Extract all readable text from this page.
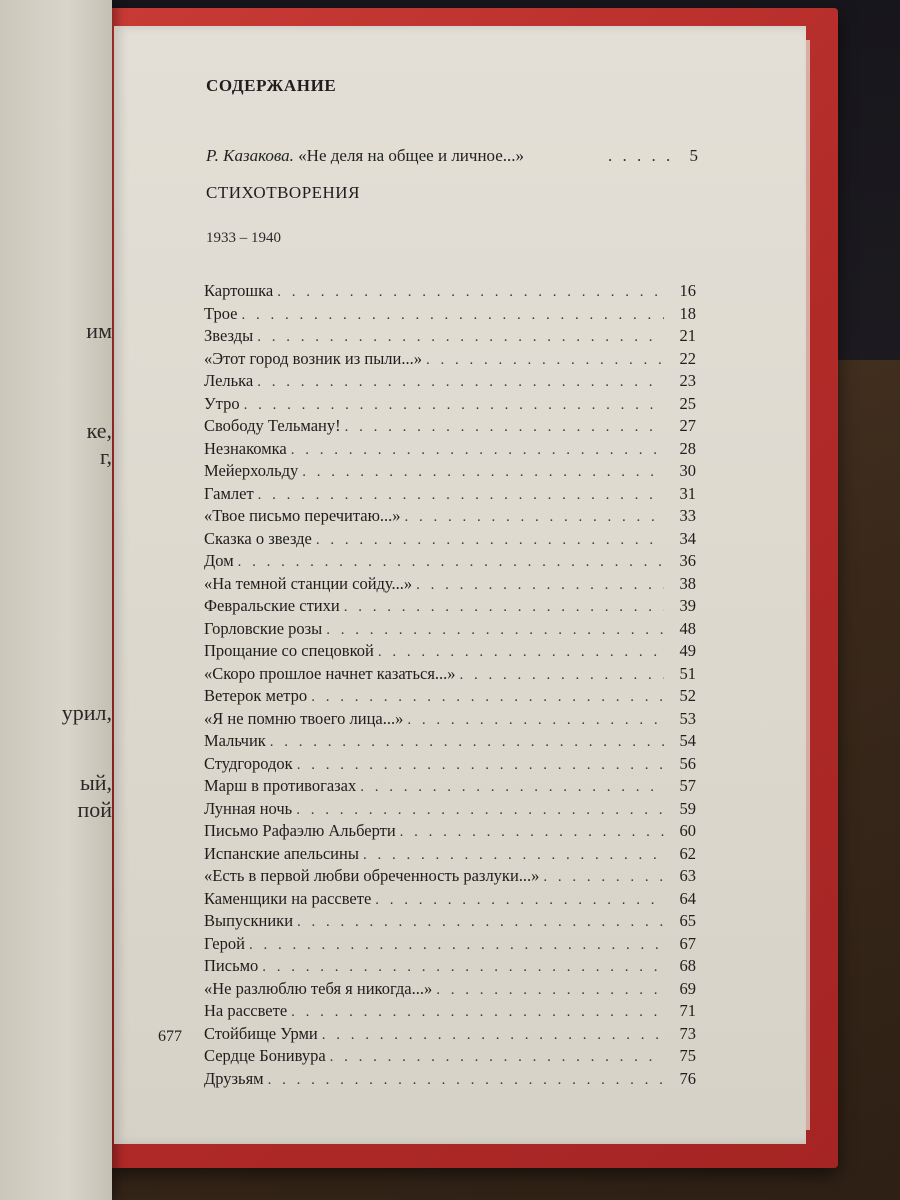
им
ке,
г,
урил,
ый,
пой
СОДЕРЖАНИЕ
Р. Казакова. «Не деля на общее и личное...»	. . . . . 5
СТИХОТВОРЕНИЯ
1933 – 1940
Картошка . . .	16
Трое . . .	18
Звезды . . .	21
«Этот город возник из пыли...» . . .	22
Лелька . . .	23
Утро . . .	25
Свободу Тельману! . . .	27
Незнакомка . . .	28
Мейерхольду . . .	30
Гамлет . . .	31
«Твое письмо перечитаю...» . . .	33
Сказка о звезде . . .	34
Дом . . .	36
«На темной станции сойду...» . . .	38
Февральские стихи . . .	39
Горловские розы . . .	48
Прощание со спецовкой . . .	49
«Скоро прошлое начнет казаться...» . . .	51
Ветерок метро . . .	52
«Я не помню твоего лица...» . . .	53
Мальчик . . .	54
Студгородок . . .	56
Марш в противогазах . . .	57
Лунная ночь . . .	59
Письмо Рафаэлю Альберти . . .	60
Испанские апельсины . . .	62
«Есть в первой любви обреченность разлуки...» . . .	63
Каменщики на рассвете . . .	64
Выпускники . . .	65
Герой . . .	67
Письмо . . .	68
«Не разлюблю тебя я никогда...» . . .	69
На рассвете . . .	71
Стойбище Урми . . .	73
Сердце Бонивура . . .	75
Друзьям . . .	76
677
